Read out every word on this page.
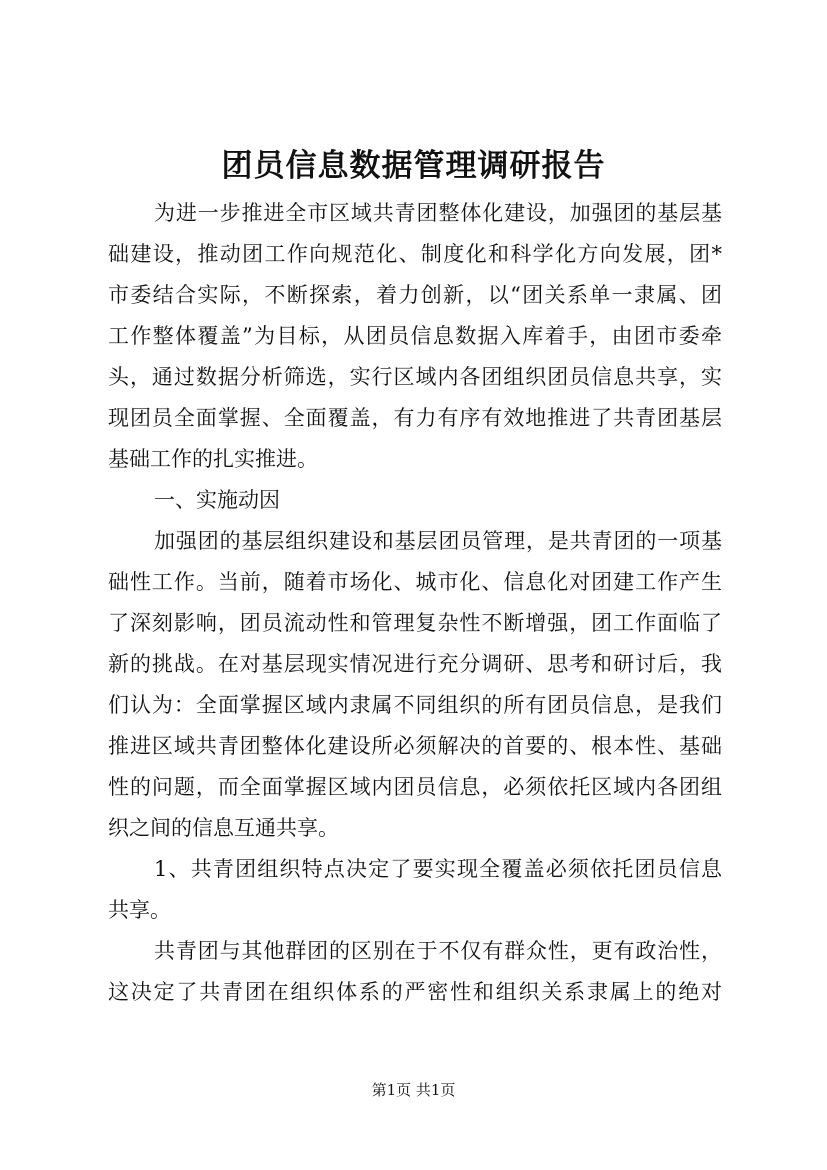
团员信息数据管理调研报告
为进一步推进全市区域共青团整体化建设，加强团的基层基
础建设，推动团工作向规范化、制度化和科学化方向发展，团*
市委结合实际，不断探索，着力创新，以“团关系单一隶属、团
工作整体覆盖”为目标，从团员信息数据入库着手，由团市委牵
头，通过数据分析筛选，实行区域内各团组织团员信息共享，实
现团员全面掌握、全面覆盖，有力有序有效地推进了共青团基层
基础工作的扎实推进。
一、实施动因
加强团的基层组织建设和基层团员管理，是共青团的一项基
础性工作。当前，随着市场化、城市化、信息化对团建工作产生
了深刻影响，团员流动性和管理复杂性不断增强，团工作面临了
新的挑战。在对基层现实情况进行充分调研、思考和研讨后，我
们认为：全面掌握区域内隶属不同组织的所有团员信息，是我们
推进区域共青团整体化建设所必须解决的首要的、根本性、基础
性的问题，而全面掌握区域内团员信息，必须依托区域内各团组
织之间的信息互通共享。
1、共青团组织特点决定了要实现全覆盖必须依托团员信息
共享。
共青团与其他群团的区别在于不仅有群众性，更有政治性，
这决定了共青团在组织体系的严密性和组织关系隶属上的绝对
第1页 共1页
